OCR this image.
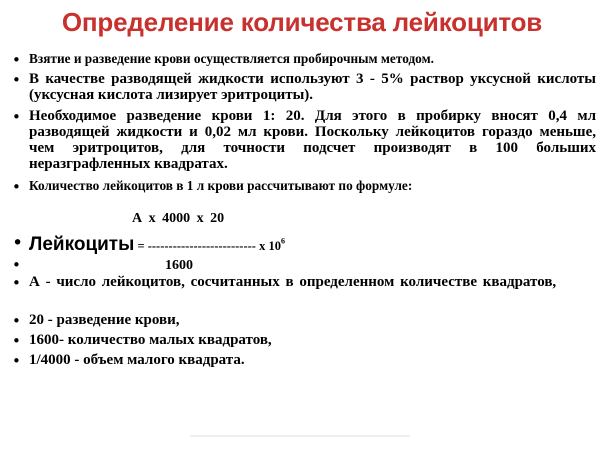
Определение количества лейкоцитов
• Взятие и разведение крови осуществляется пробирочным методом.
• В качестве разводящей жидкости используют 3 - 5% раствор уксусной кислоты (уксусная кислота лизирует эритроциты).
• Необходимое разведение крови 1: 20. Для этого в пробирку вносят 0,4 мл разводящей жидкости и 0,02 мл крови. Поскольку лейкоцитов гораздо меньше, чем эритроцитов, для точности подсчет производят в 100 больших неразграфленных квадратах.
• Количество лейкоцитов в 1 л крови рассчитывают по формуле:
А х 4000 х 20
• Лейкоциты = -------------------------- х $10^6$
•	1600
• А - число лейкоцитов, сосчитанных в определенном количестве квадратов,
• 20 - разведение крови,
• 1600- количество малых квадратов,
• 1/4000 - объем малого квадрата.
